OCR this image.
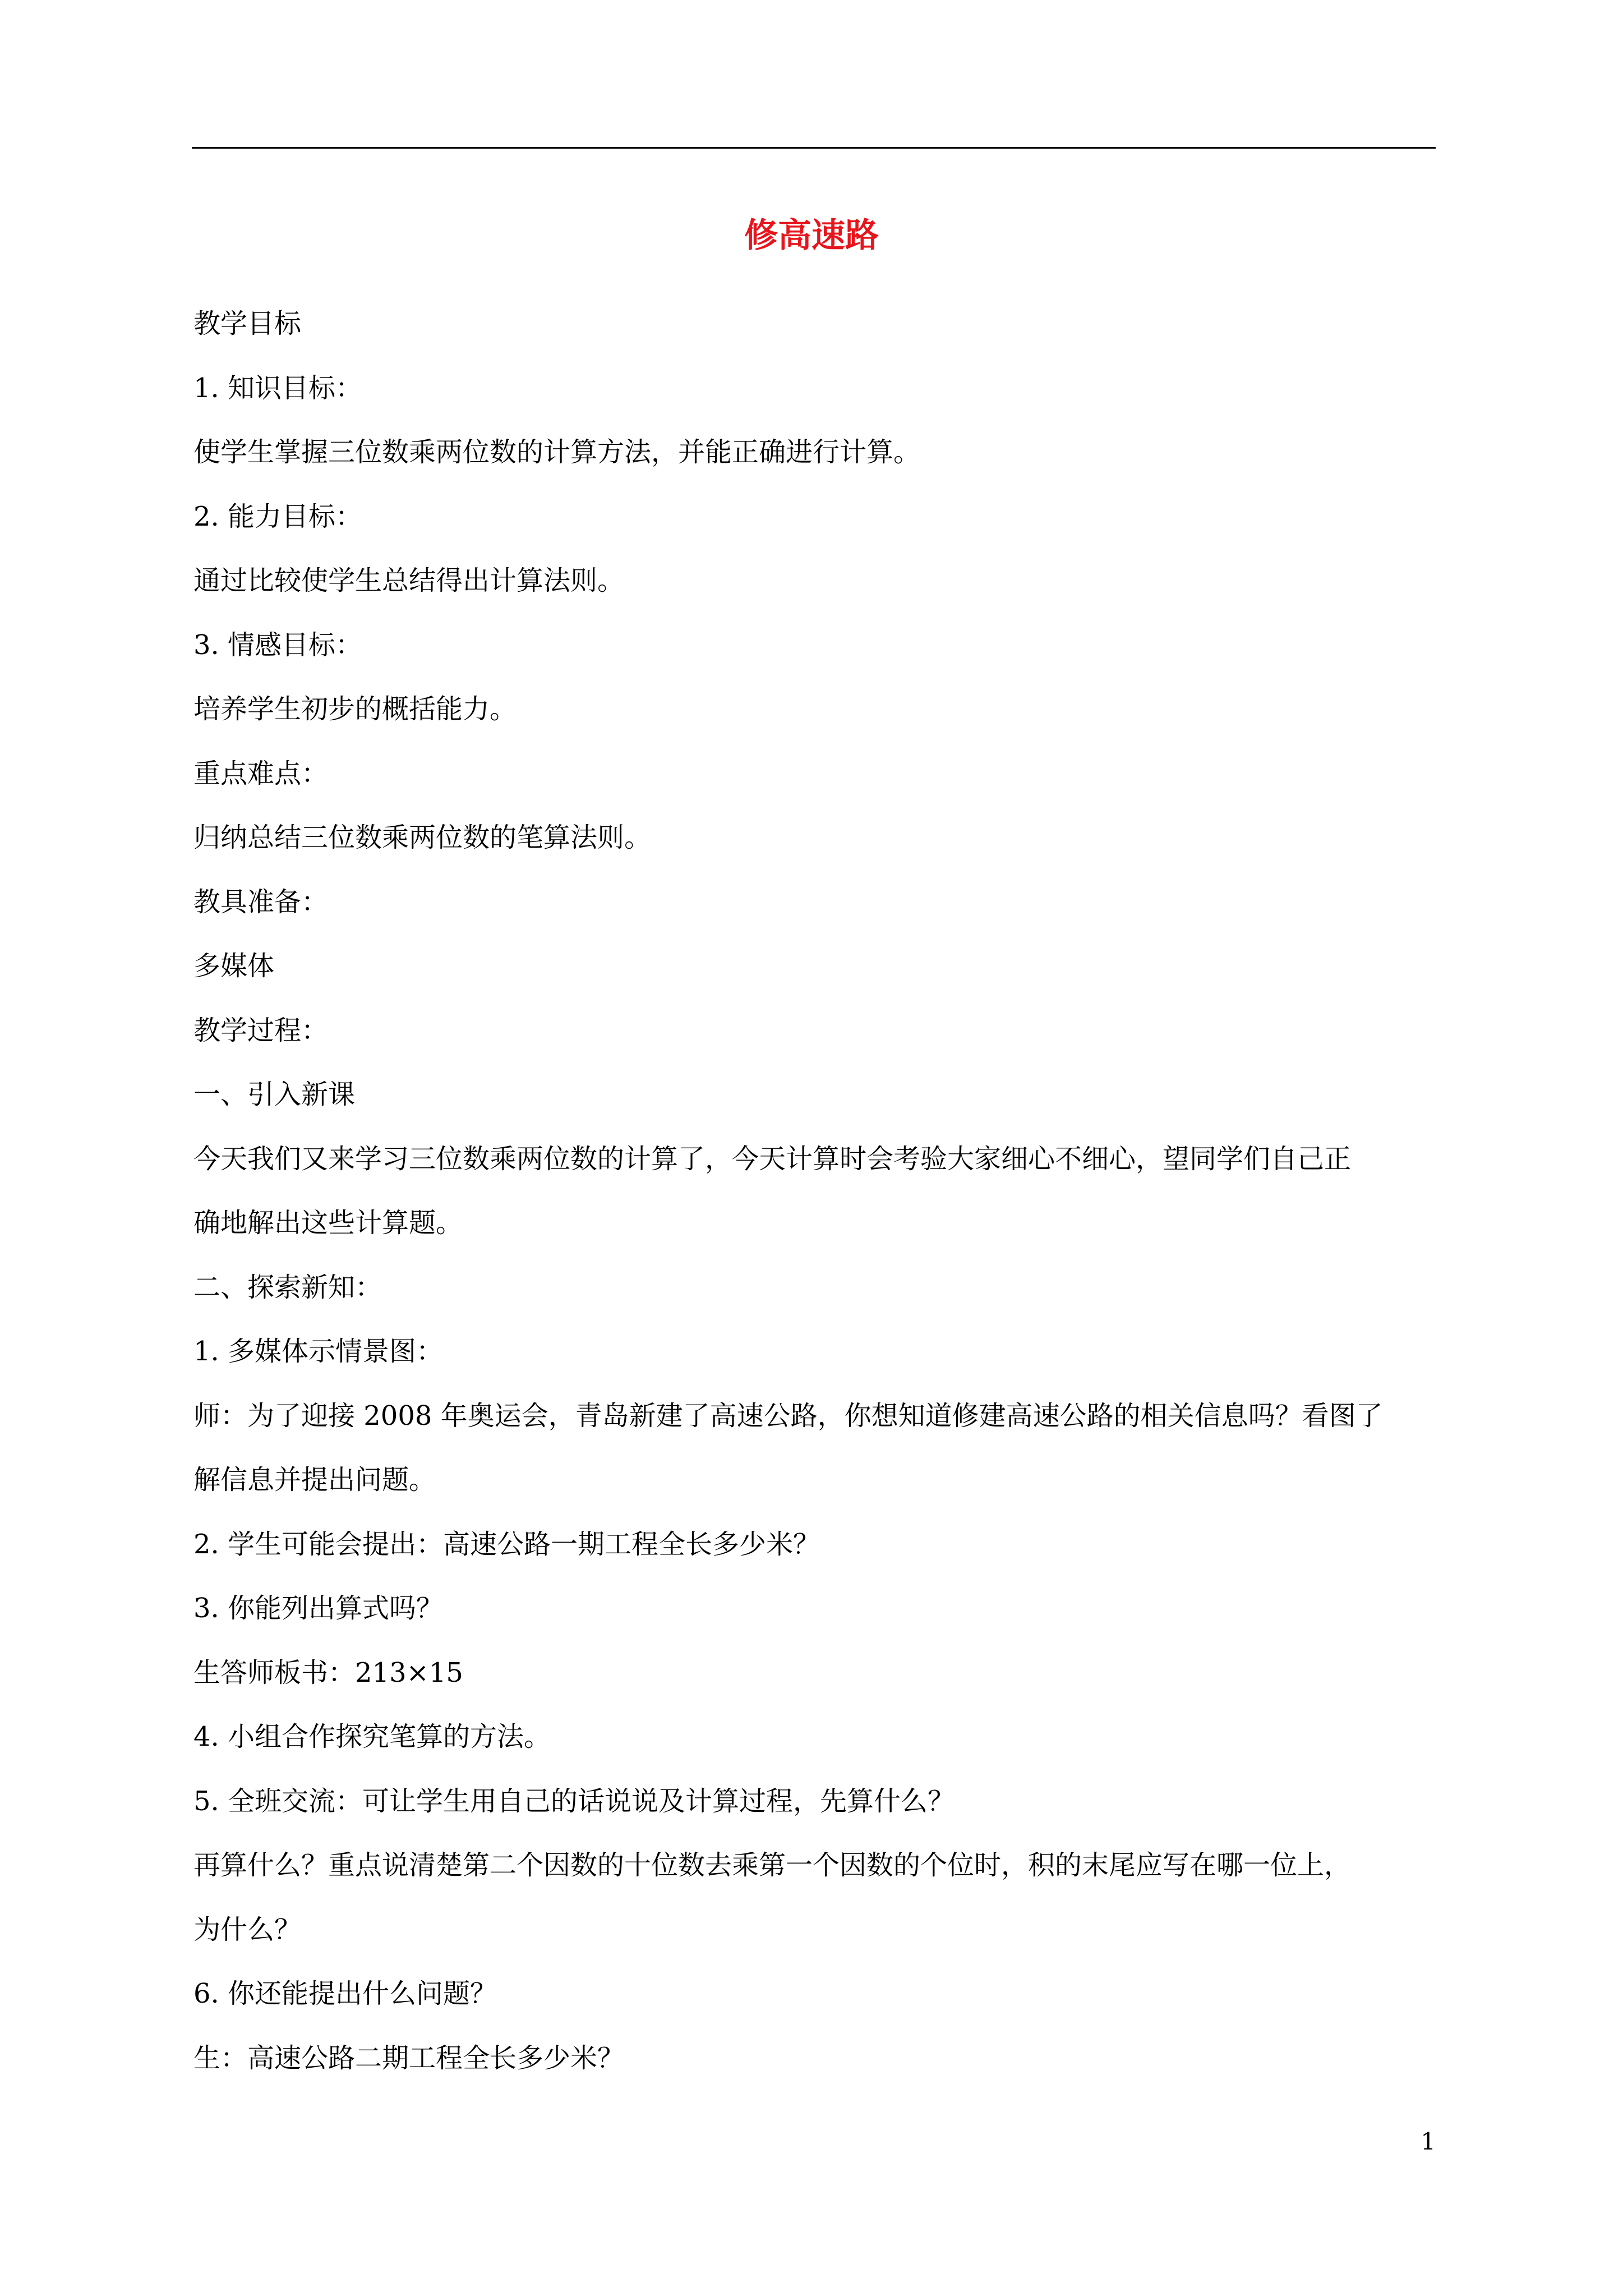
修高速路
教学目标
1. 知识目标：
使学生掌握三位数乘两位数的计算方法，并能正确进行计算。
2. 能力目标：
通过比较使学生总结得出计算法则。
3. 情感目标：
培养学生初步的概括能力。
重点难点：
归纳总结三位数乘两位数的笔算法则。
教具准备：
多媒体
教学过程：
一、引入新课
今天我们又来学习三位数乘两位数的计算了，今天计算时会考验大家细心不细心，望同学们自己正
确地解出这些计算题。
二、探索新知：
1. 多媒体示情景图：
师：为了迎接 2008 年奥运会，青岛新建了高速公路，你想知道修建高速公路的相关信息吗？看图了
解信息并提出问题。
2. 学生可能会提出：高速公路一期工程全长多少米？
3. 你能列出算式吗？
生答师板书：213×15
4. 小组合作探究笔算的方法。
5. 全班交流：可让学生用自己的话说说及计算过程，先算什么？
再算什么？重点说清楚第二个因数的十位数去乘第一个因数的个位时，积的末尾应写在哪一位上，
为什么？
6. 你还能提出什么问题？
生：高速公路二期工程全长多少米？
1
